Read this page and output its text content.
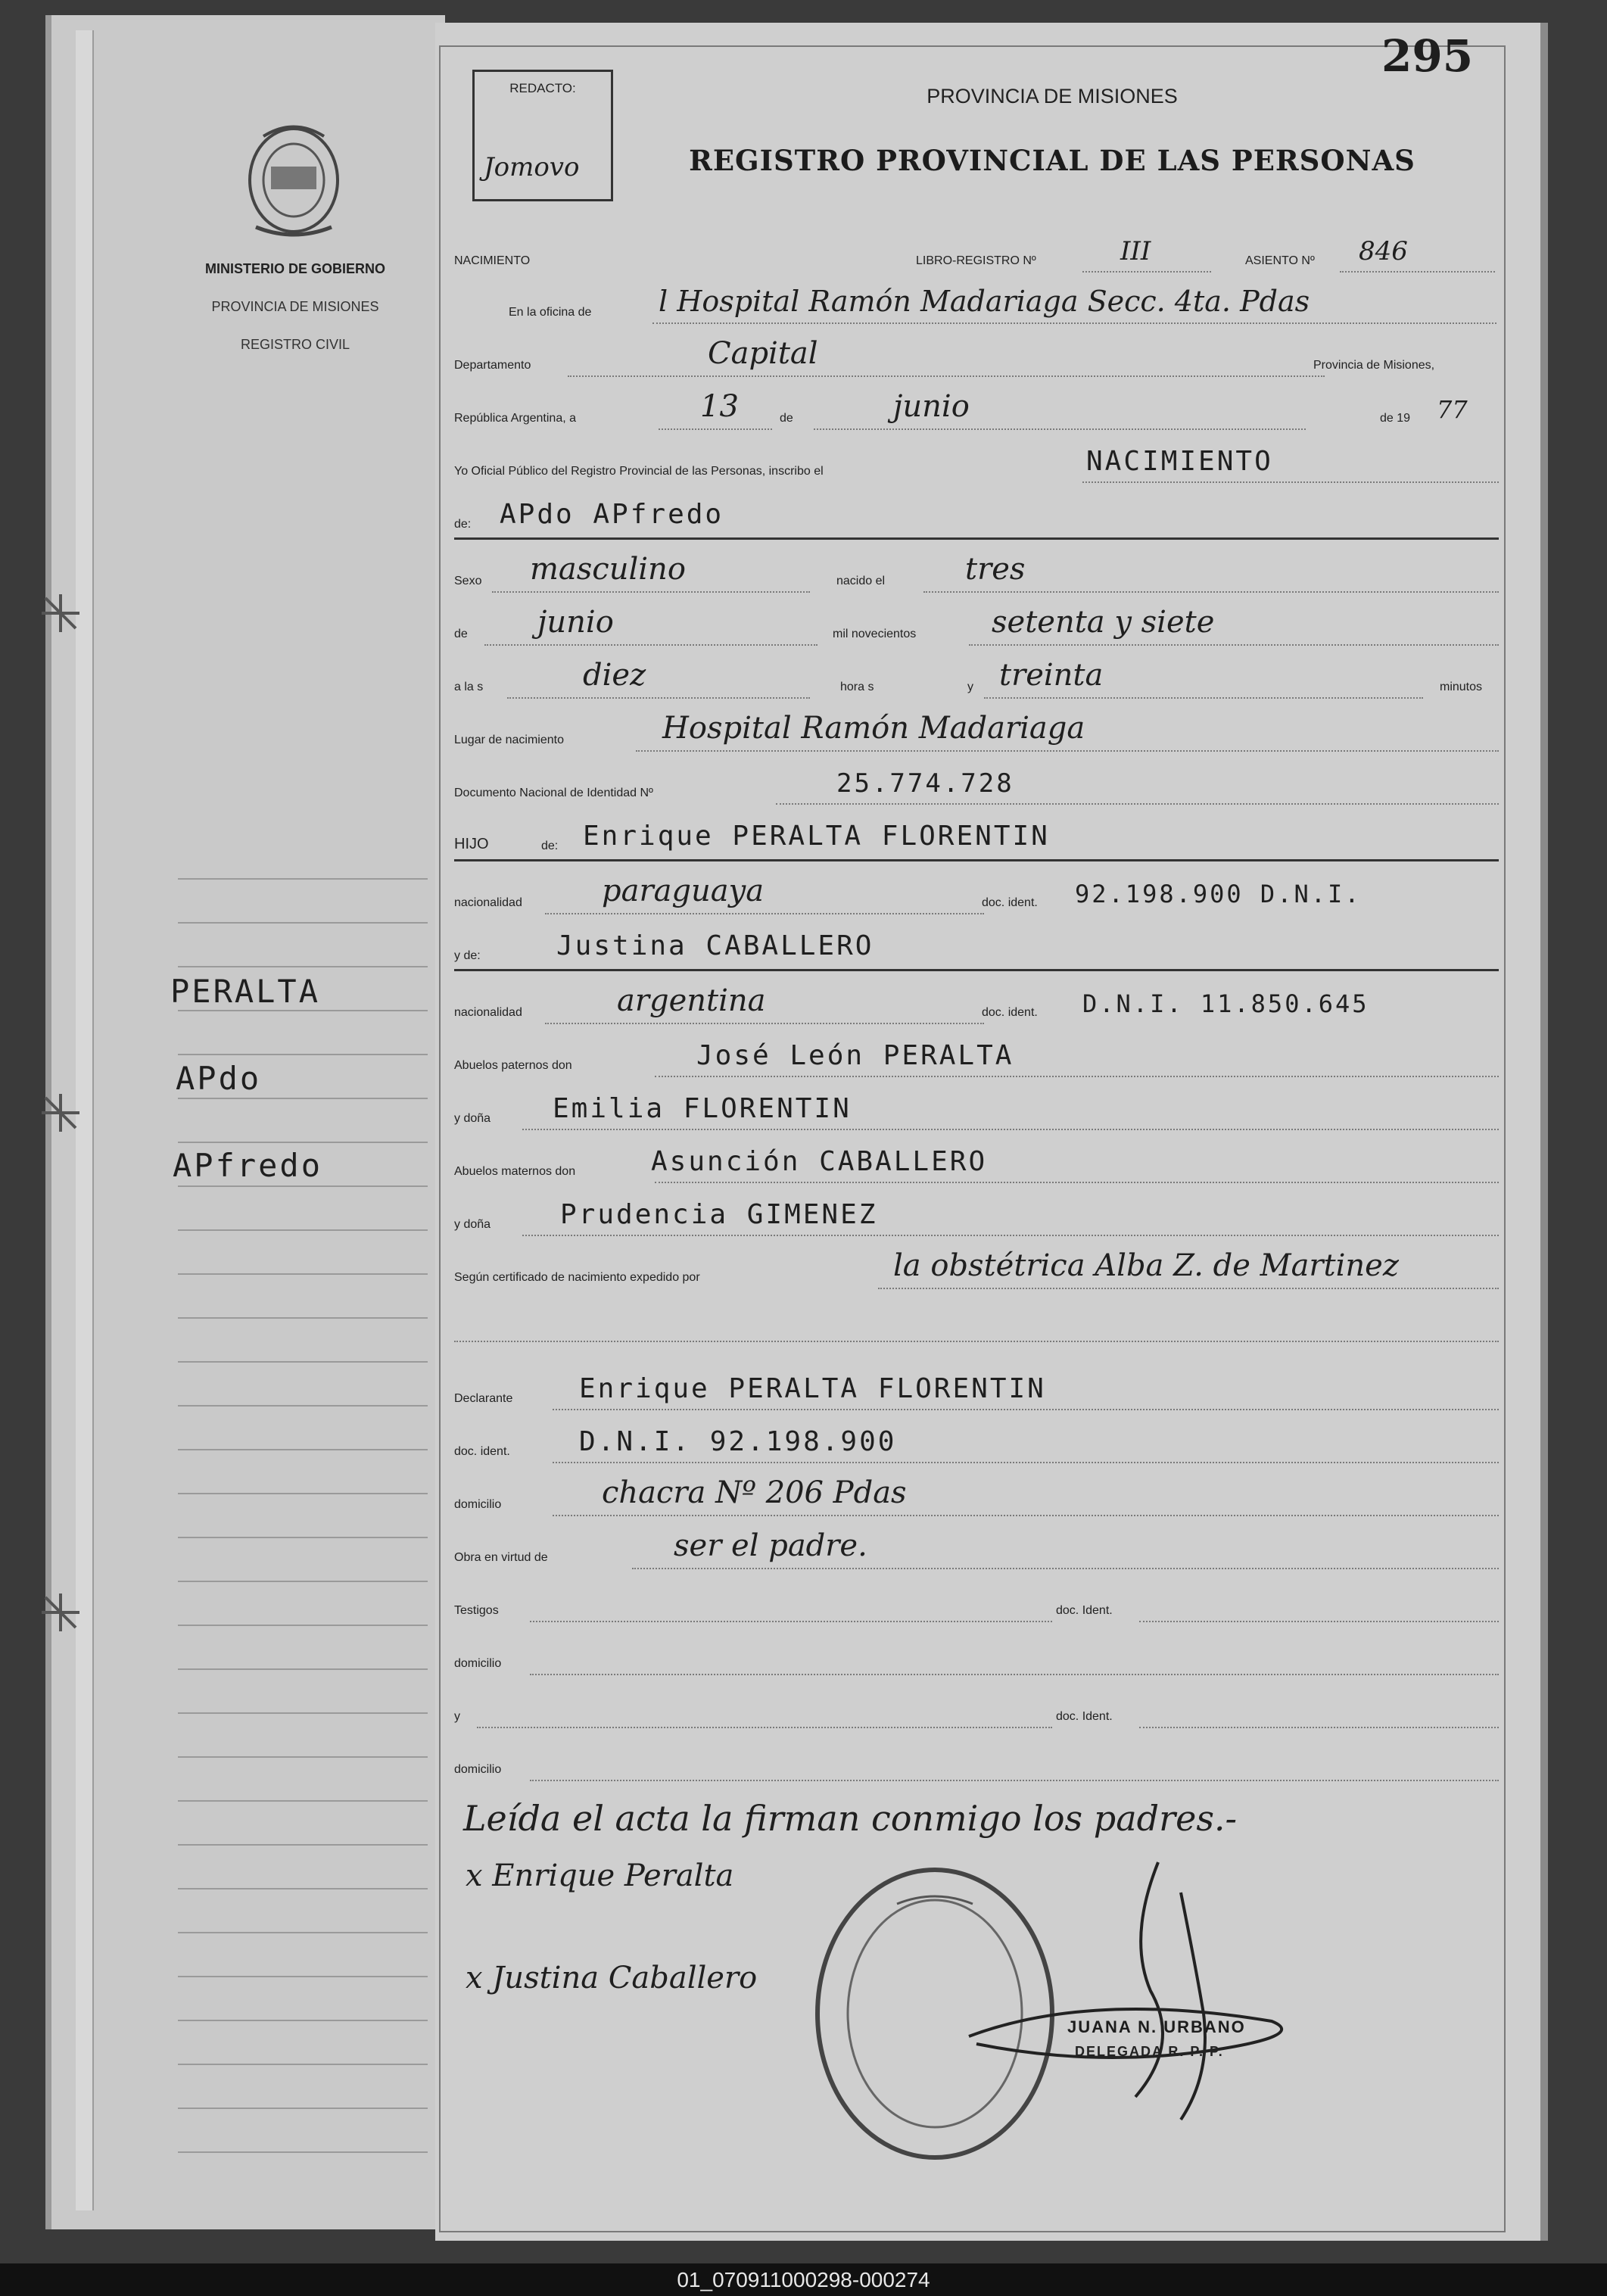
MINISTERIO DE GOBIERNO
PROVINCIA DE MISIONES
REGISTRO CIVIL
PERALTA
APdo
AΡfredo
295
REDACTO:
Jomovo
PROVINCIA DE MISIONES
REGISTRO PROVINCIAL DE LAS PERSONAS
NACIMIENTO	LIBRO-REGISTRO Nº	III	ASIENTO Nº 846
En la oficina de l Hospital Ramón Madariaga Secc. 4ta. Pdas
Departamento	Capital	Provincia de Misiones,
República Argentina, a	13	de	junio	de 19 77
Yo Oficial Público del Registro Provincial de las Personas, inscribo el	NACIMIENTO
de: APdo APfredo
Sexo masculino	nacido el	tres
de junio	mil novecientos setenta y siete
a la s	diez	hora s	y treinta	minutos
Lugar de nacimiento	Hospital Ramón Madariaga
Documento Nacional de Identidad Nº	25.774.728
HIJO	de: Enrique PERALTA FLORENTIN
nacionalidad	paraguaya	doc. ident. 92.198.900 D.N.I.
y de:	Justina CABALLERO
nacionalidad	argentina	doc. ident. D.N.I. 11.850.645
Abuelos paternos don	José León PERALTA
y doña Emilia FLORENTIN
Abuelos maternos don	Asunción CABALLERO
y doña	Prudencia GIMENEZ
Según certificado de nacimiento expedido por	la obstétrica Alba Z. de Martinez
Declarante Enrique PERALTA FLORENTIN
doc. ident.	D.N.I. 92.198.900
domicilio	chacra Nº 206 Pdas
Obra en virtud de	ser el padre.
Testigos	doc. Ident.
domicilio
y	doc. Ident.
domicilio
Leída el acta la firman conmigo los padres.-
x Enrique Peralta
x Justina Caballero
JUANA N. URBANO
DELEGADA R. P. P.
01_070911000298-000274
